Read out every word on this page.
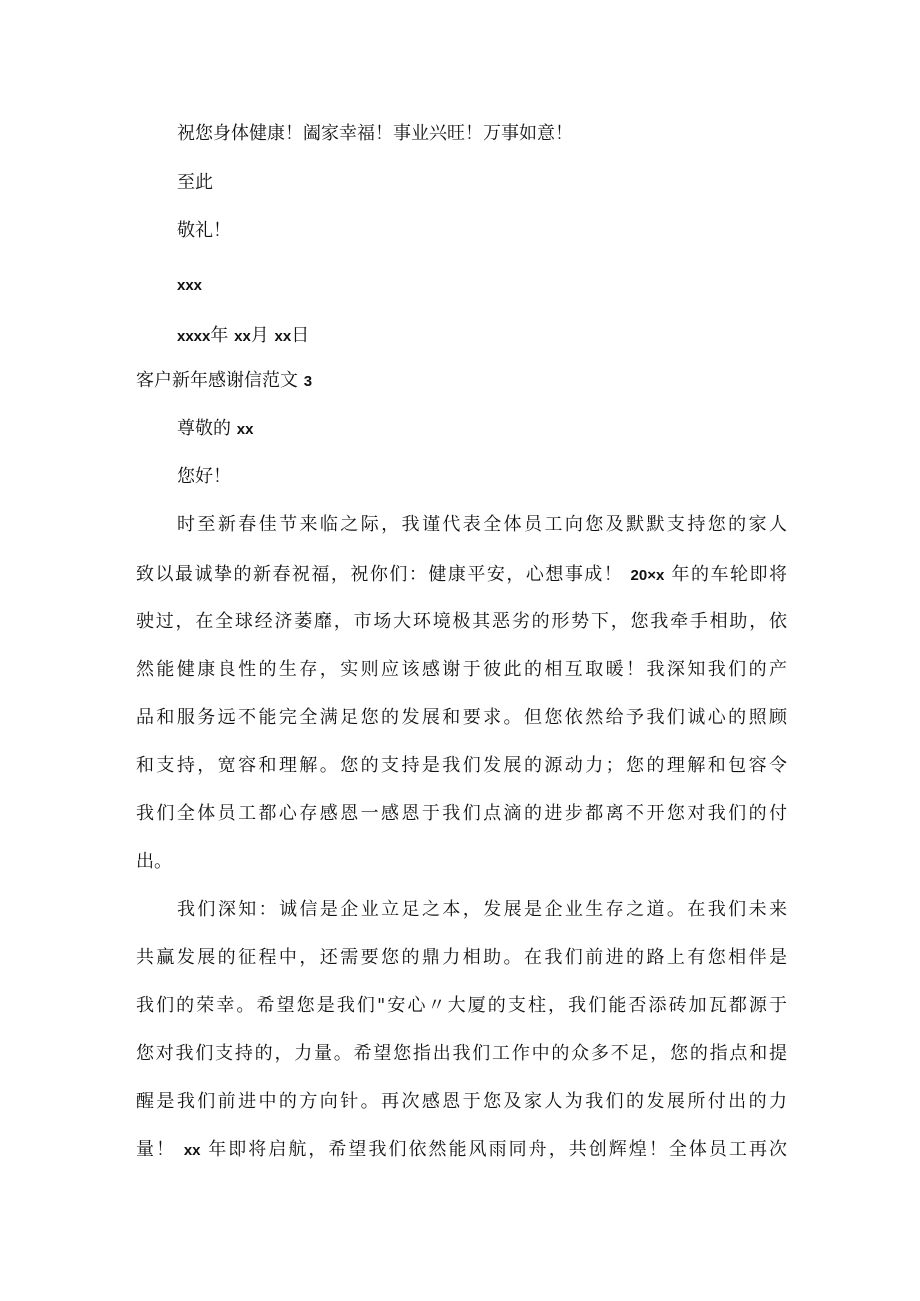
祝您身体健康！阖家幸福！事业兴旺！万事如意！
至此
敬礼！
xxx
xxxx年 xx月 xx日
客户新年感谢信范文 3
尊敬的 xx
您好！
时至新春佳节来临之际，我谨代表全体员工向您及默默支持您的家人
致以最诚挚的新春祝福，祝你们：健康平安，心想事成！ 20×x 年的车轮即将
驶过，在全球经济萎靡，市场大环境极其恶劣的形势下，您我牵手相助，依
然能健康良性的生存，实则应该感谢于彼此的相互取暖！我深知我们的产
品和服务远不能完全满足您的发展和要求。但您依然给予我们诚心的照顾
和支持，宽容和理解。您的支持是我们发展的源动力；您的理解和包容令
我们全体员工都心存感恩一感恩于我们点滴的进步都离不开您对我们的付
出。
我们深知：诚信是企业立足之本，发展是企业生存之道。在我们未来
共赢发展的征程中，还需要您的鼎力相助。在我们前进的路上有您相伴是
我们的荣幸。希望您是我们"安心〃大厦的支柱，我们能否添砖加瓦都源于
您对我们支持的，力量。希望您指出我们工作中的众多不足，您的指点和提
醒是我们前进中的方向针。再次感恩于您及家人为我们的发展所付出的力
量！ xx 年即将启航，希望我们依然能风雨同舟，共创辉煌！全体员工再次
